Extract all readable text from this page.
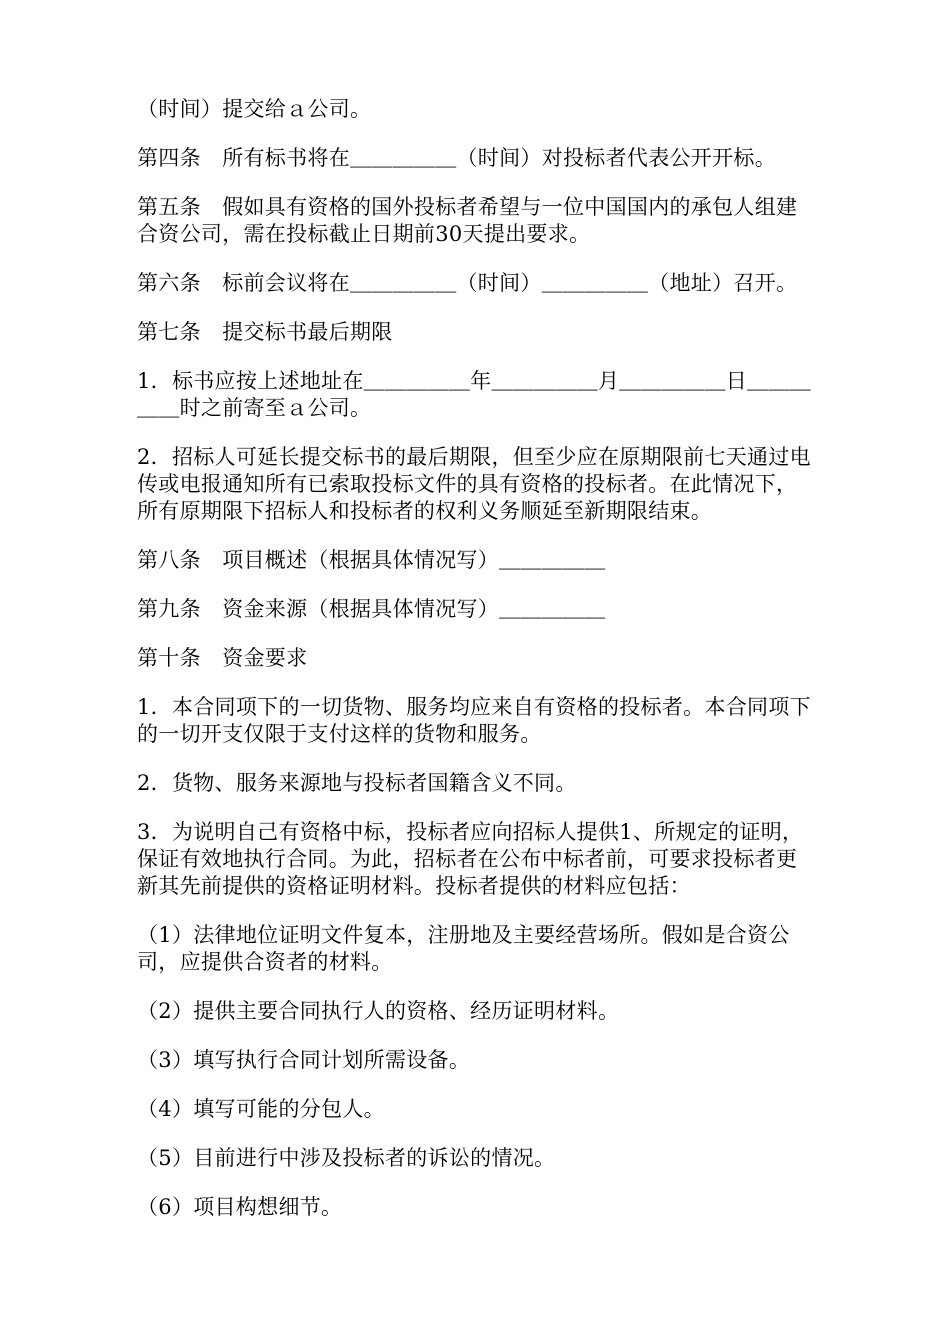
（时间）提交给ａ公司。

第四条　所有标书将在＿＿＿＿＿（时间）对投标者代表公开开标。

第五条　假如具有资格的国外投标者希望与一位中国国内的承包人组建合资公司，需在投标截止日期前30天提出要求。

第六条　标前会议将在＿＿＿＿＿（时间）＿＿＿＿＿（地址）召开。

第七条　提交标书最后期限

1．标书应按上述地址在＿＿＿＿＿年＿＿＿＿＿月＿＿＿＿＿日＿＿＿＿＿时之前寄至ａ公司。

2．招标人可延长提交标书的最后期限，但至少应在原期限前七天通过电传或电报通知所有已索取投标文件的具有资格的投标者。在此情况下，所有原期限下招标人和投标者的权利义务顺延至新期限结束。

第八条　项目概述（根据具体情况写）＿＿＿＿＿

第九条　资金来源（根据具体情况写）＿＿＿＿＿

第十条　资金要求

1．本合同项下的一切货物、服务均应来自有资格的投标者。本合同项下的一切开支仅限于支付这样的货物和服务。

2．货物、服务来源地与投标者国籍含义不同。

3．为说明自己有资格中标，投标者应向招标人提供1、所规定的证明，保证有效地执行合同。为此，招标者在公布中标者前，可要求投标者更新其先前提供的资格证明材料。投标者提供的材料应包括：

（1）法律地位证明文件复本，注册地及主要经营场所。假如是合资公司，应提供合资者的材料。

（2）提供主要合同执行人的资格、经历证明材料。

（3）填写执行合同计划所需设备。

（4）填写可能的分包人。

（5）目前进行中涉及投标者的诉讼的情况。

（6）项目构想细节。
